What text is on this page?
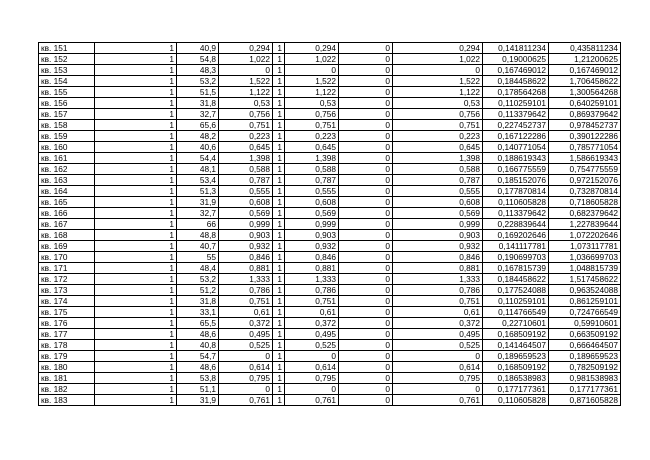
кв. 151	1	40,9	0,294	1	0,294	0	0,294	0,141811234	0,435811234
кв. 152	1	54,8	1,022	1	1,022	0	1,022	0,19000625	1,21200625
кв. 153	1	48,3	0	1	0	0	0	0,167469012	0,167469012
кв. 154	1	53,2	1,522	1	1,522	0	1,522	0,184458622	1,706458622
кв. 155	1	51,5	1,122	1	1,122	0	1,122	0,178564268	1,300564268
кв. 156	1	31,8	0,53	1	0,53	0	0,53	0,110259101	0,640259101
кв. 157	1	32,7	0,756	1	0,756	0	0,756	0,113379642	0,869379642
кв. 158	1	65,6	0,751	1	0,751	0	0,751	0,227452737	0,978452737
кв. 159	1	48,2	0,223	1	0,223	0	0,223	0,167122286	0,390122286
кв. 160	1	40,6	0,645	1	0,645	0	0,645	0,140771054	0,785771054
кв. 161	1	54,4	1,398	1	1,398	0	1,398	0,188619343	1,586619343
кв. 162	1	48,1	0,588	1	0,588	0	0,588	0,166775559	0,754775559
кв. 163	1	53,4	0,787	1	0,787	0	0,787	0,185152076	0,972152076
кв. 164	1	51,3	0,555	1	0,555	0	0,555	0,177870814	0,732870814
кв. 165	1	31,9	0,608	1	0,608	0	0,608	0,110605828	0,718605828
кв. 166	1	32,7	0,569	1	0,569	0	0,569	0,113379642	0,682379642
кв. 167	1	66	0,999	1	0,999	0	0,999	0,228839644	1,227839644
кв. 168	1	48,8	0,903	1	0,903	0	0,903	0,169202646	1,072202646
кв. 169	1	40,7	0,932	1	0,932	0	0,932	0,141117781	1,073117781
кв. 170	1	55	0,846	1	0,846	0	0,846	0,190699703	1,036699703
кв. 171	1	48,4	0,881	1	0,881	0	0,881	0,167815739	1,048815739
кв. 172	1	53,2	1,333	1	1,333	0	1,333	0,184458622	1,517458622
кв. 173	1	51,2	0,786	1	0,786	0	0,786	0,177524088	0,963524088
кв. 174	1	31,8	0,751	1	0,751	0	0,751	0,110259101	0,861259101
кв. 175	1	33,1	0,61	1	0,61	0	0,61	0,114766549	0,724766549
кв. 176	1	65,5	0,372	1	0,372	0	0,372	0,22710601	0,59910601
кв. 177	1	48,6	0,495	1	0,495	0	0,495	0,168509192	0,663509192
кв. 178	1	40,8	0,525	1	0,525	0	0,525	0,141464507	0,666464507
кв. 179	1	54,7	0	1	0	0	0	0,189659523	0,189659523
кв. 180	1	48,6	0,614	1	0,614	0	0,614	0,168509192	0,782509192
кв. 181	1	53,8	0,795	1	0,795	0	0,795	0,186538983	0,981538983
кв. 182	1	51,1	0	1	0	0	0	0,177177361	0,177177361
кв. 183	1	31,9	0,761	1	0,761	0	0,761	0,110605828	0,871605828
